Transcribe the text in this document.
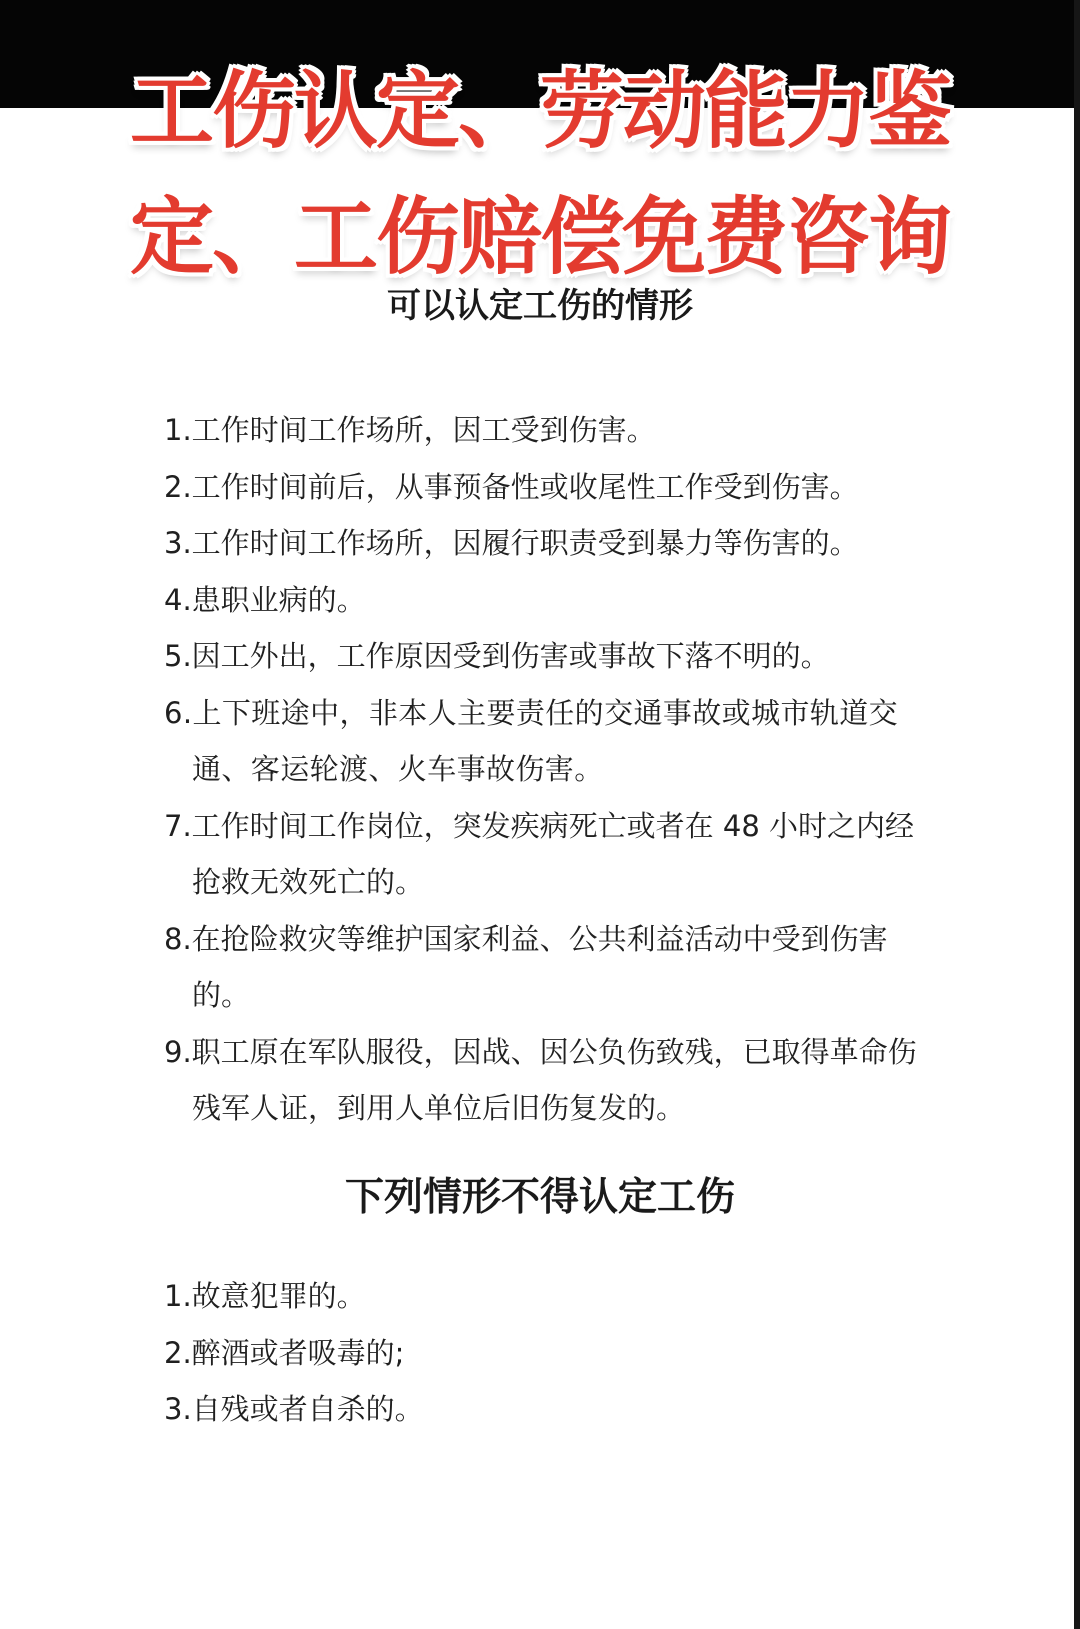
工伤认定、劳动能力鉴
定、工伤赔偿免费咨询
可以认定工伤的情形
1.工作时间工作场所，因工受到伤害。
2.工作时间前后，从事预备性或收尾性工作受到伤害。
3.工作时间工作场所，因履行职责受到暴力等伤害的。
4.患职业病的。
5.因工外出，工作原因受到伤害或事故下落不明的。
6.上下班途中，非本人主要责任的交通事故或城市轨道交通、客运轮渡、火车事故伤害。
7.工作时间工作岗位，突发疾病死亡或者在 48 小时之内经抢救无效死亡的。
8.在抢险救灾等维护国家利益、公共利益活动中受到伤害的。
9.职工原在军队服役，因战、因公负伤致残，已取得革命伤残军人证，到用人单位后旧伤复发的。
下列情形不得认定工伤
1.故意犯罪的。
2.醉酒或者吸毒的;
3.自残或者自杀的。
